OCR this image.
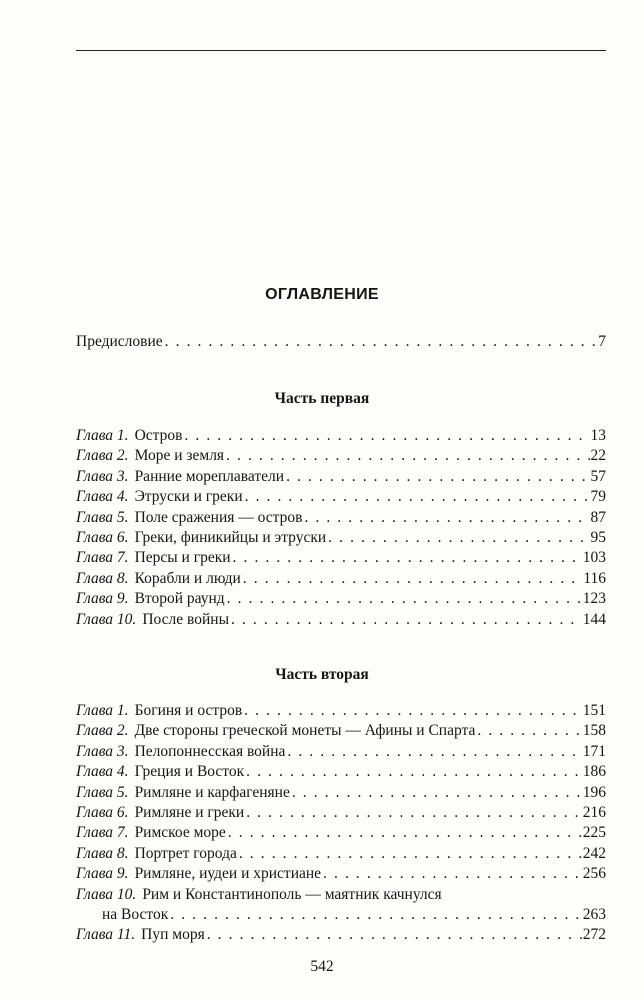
ОГЛАВЛЕНИЕ
Предисловие . . .	7
Часть первая
Глава 1. Остров . . .	13
Глава 2. Море и земля . . .	22
Глава 3. Ранние мореплаватели . . .	57
Глава 4. Этруски и греки . . .	79
Глава 5. Поле сражения — остров . . .	87
Глава 6. Греки, финикийцы и этруски . . .	95
Глава 7. Персы и греки . . .	103
Глава 8. Корабли и люди . . .	116
Глава 9. Второй раунд . . .	123
Глава 10. После войны . . .	144
Часть вторая
Глава 1. Богиня и остров . . .	151
Глава 2. Две стороны греческой монеты — Афины и Спарта . . .	158
Глава 3. Пелопоннесская война . . .	171
Глава 4. Греция и Восток . . .	186
Глава 5. Римляне и карфагеняне . . .	196
Глава 6. Римляне и греки . . .	216
Глава 7. Римское море . . .	225
Глава 8. Портрет города . . .	242
Глава 9. Римляне, иудеи и христиане . . .	256
Глава 10. Рим и Константинополь — маятник качнулся
на Восток . . .	263
Глава 11. Пуп моря . . .	272
542
